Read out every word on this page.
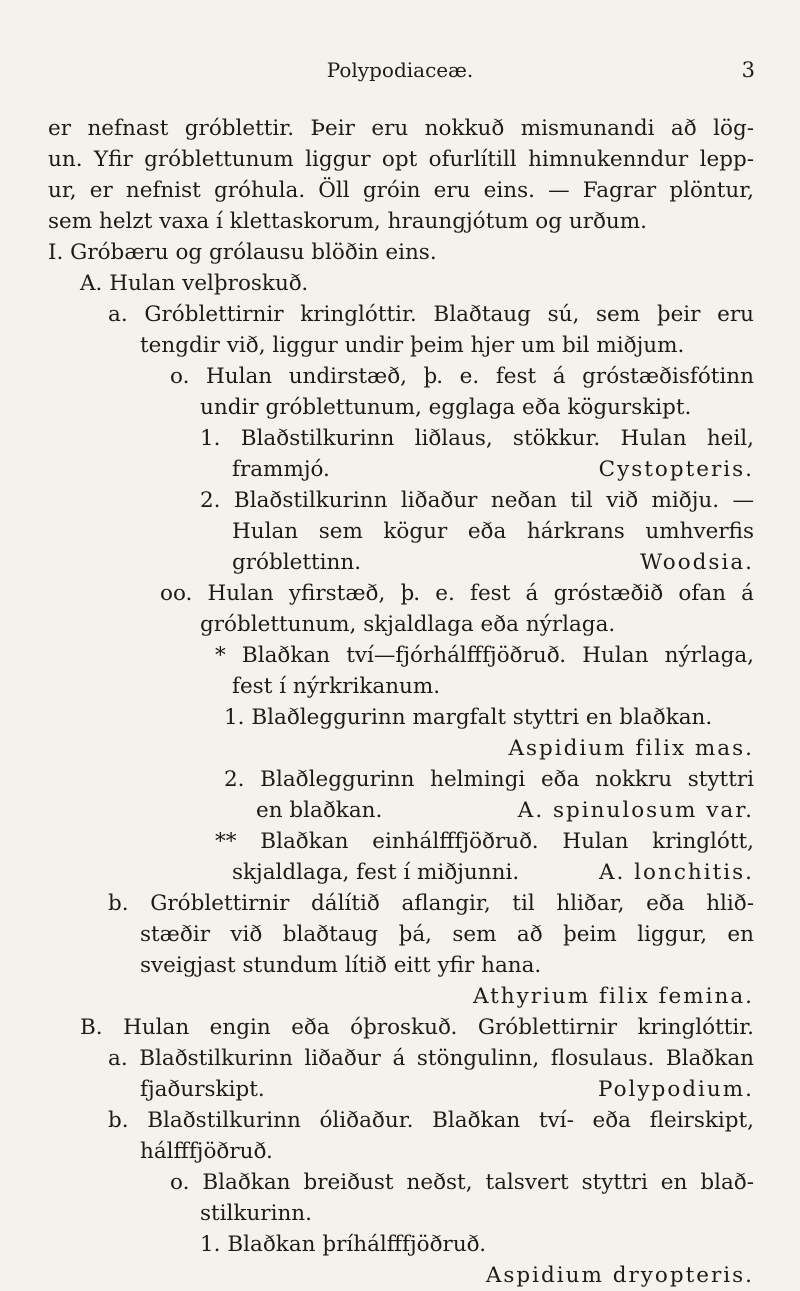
Polypodiaceæ.	3
er nefnast gróblettir. Þeir eru nokkuð mismunandi að lög-
un. Yfir gróblettunum liggur opt ofurlítill himnukenndur lepp-
ur, er nefnist gróhula. Öll gróin eru eins. — Fagrar plöntur,
sem helzt vaxa í klettaskorum, hraungjótum og urðum.
I. Gróbæru og grólausu blöðin eins.
A. Hulan velþroskuð.
a. Gróblettirnir kringlóttir. Blaðtaug sú, sem þeir eru
tengdir við, liggur undir þeim hjer um bil miðjum.
o. Hulan undirstæð, þ. e. fest á gróstæðisfótinn
undir gróblettunum, egglaga eða kögurskipt.
1. Blaðstilkurinn liðlaus, stökkur. Hulan heil,
frammjó.	Cystopteris.
2. Blaðstilkurinn liðaður neðan til við miðju. —
Hulan sem kögur eða hárkrans umhverfis
gróblettinn.	Woodsia.
oo. Hulan yfirstæð, þ. e. fest á gróstæðið ofan á
gróblettunum, skjaldlaga eða nýrlaga.
* Blaðkan tví—fjórhálfffjöðruð. Hulan nýrlaga,
fest í nýrkrikanum.
1. Blaðleggurinn margfalt styttri en blaðkan.
Aspidium filix mas.
2. Blaðleggurinn helmingi eða nokkru styttri
en blaðkan.	A. spinulosum var.
** Blaðkan einhálfffjöðruð. Hulan kringlótt,
skjaldlaga, fest í miðjunni.	A. lonchitis.
b. Gróblettirnir dálítið aflangir, til hliðar, eða hlið-
stæðir við blaðtaug þá, sem að þeim liggur, en
sveigjast stundum lítið eitt yfir hana.
Athyrium filix femina.
B. Hulan engin eða óþroskuð. Gróblettirnir kringlóttir.
a. Blaðstilkurinn liðaður á stöngulinn, flosulaus. Blaðkan
fjaðurskipt.	Polypodium.
b. Blaðstilkurinn óliðaður. Blaðkan tví- eða fleirskipt,
hálfffjöðruð.
o. Blaðkan breiðust neðst, talsvert styttri en blað-
stilkurinn.
1. Blaðkan þríhálfffjöðruð.
Aspidium dryopteris.
